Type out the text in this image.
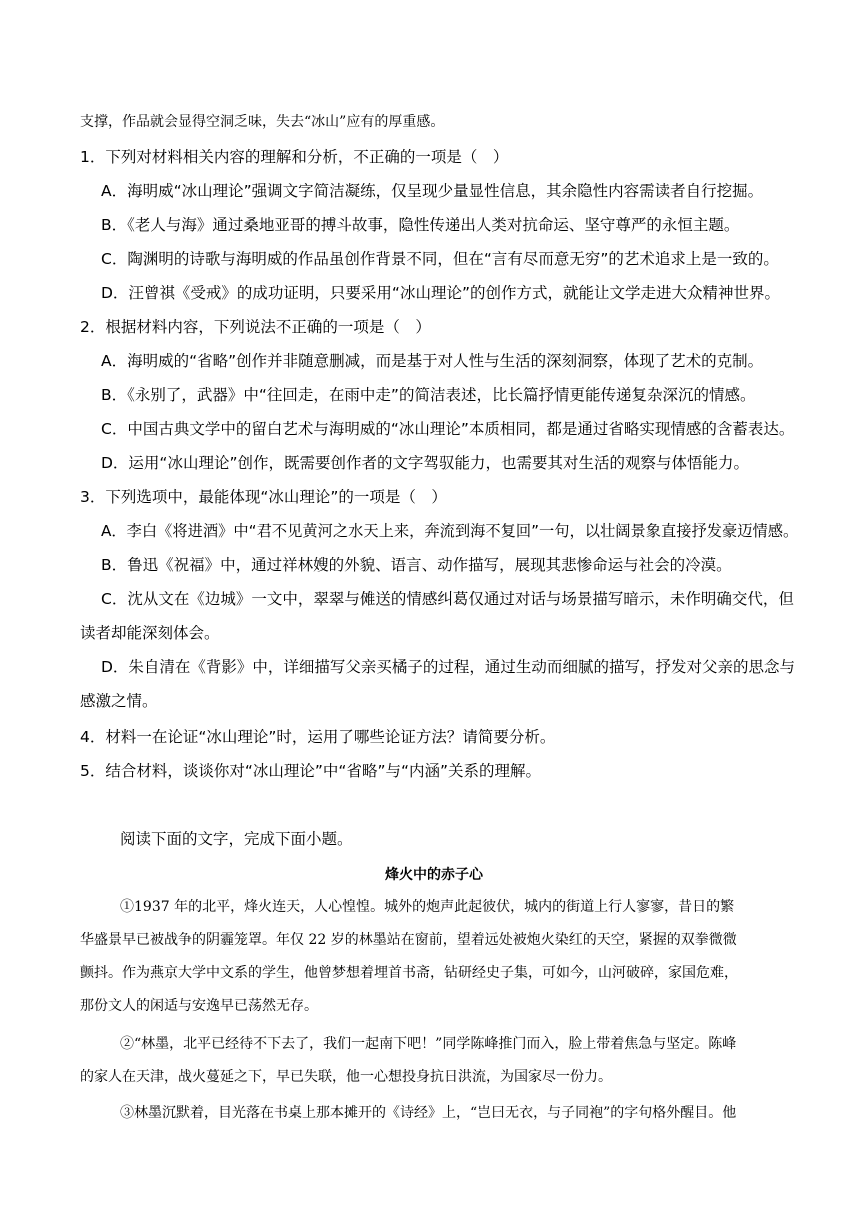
支撑，作品就会显得空洞乏味，失去“冰山”应有的厚重感。
1．下列对材料相关内容的理解和分析，不正确的一项是（　）
A．海明威“冰山理论”强调文字简洁凝练，仅呈现少量显性信息，其余隐性内容需读者自行挖掘。
B．《老人与海》通过桑地亚哥的搏斗故事，隐性传递出人类对抗命运、坚守尊严的永恒主题。
C．陶渊明的诗歌与海明威的作品虽创作背景不同，但在“言有尽而意无穷”的艺术追求上是一致的。
D．汪曾祺《受戒》的成功证明，只要采用“冰山理论”的创作方式，就能让文学走进大众精神世界。
2．根据材料内容，下列说法不正确的一项是（　）
A．海明威的“省略”创作并非随意删减，而是基于对人性与生活的深刻洞察，体现了艺术的克制。
B．《永别了，武器》中“往回走，在雨中走”的简洁表述，比长篇抒情更能传递复杂深沉的情感。
C．中国古典文学中的留白艺术与海明威的“冰山理论”本质相同，都是通过省略实现情感的含蓄表达。
D．运用“冰山理论”创作，既需要创作者的文字驾驭能力，也需要其对生活的观察与体悟能力。
3．下列选项中，最能体现“冰山理论”的一项是（　）
A．李白《将进酒》中“君不见黄河之水天上来，奔流到海不复回”一句，以壮阔景象直接抒发豪迈情感。
B．鲁迅《祝福》中，通过祥林嫂的外貌、语言、动作描写，展现其悲惨命运与社会的冷漠。
C．沈从文在《边城》一文中，翠翠与傩送的情感纠葛仅通过对话与场景描写暗示，未作明确交代，但
读者却能深刻体会。
D．朱自清在《背影》中，详细描写父亲买橘子的过程，通过生动而细腻的描写，抒发对父亲的思念与
感激之情。
4．材料一在论证“冰山理论”时，运用了哪些论证方法？请简要分析。
5．结合材料，谈谈你对“冰山理论”中“省略”与“内涵”关系的理解。
阅读下面的文字，完成下面小题。
烽火中的赤子心
①1937 年的北平，烽火连天，人心惶惶。城外的炮声此起彼伏，城内的街道上行人寥寥，昔日的繁
华盛景早已被战争的阴霾笼罩。年仅 22 岁的林墨站在窗前，望着远处被炮火染红的天空，紧握的双拳微微
颤抖。作为燕京大学中文系的学生，他曾梦想着埋首书斋，钻研经史子集，可如今，山河破碎，家国危难，
那份文人的闲适与安逸早已荡然无存。
②“林墨，北平已经待不下去了，我们一起南下吧！”同学陈峰推门而入，脸上带着焦急与坚定。陈峰
的家人在天津，战火蔓延之下，早已失联，他一心想投身抗日洪流，为国家尽一份力。
③林墨沉默着，目光落在书桌上那本摊开的《诗经》上，“岂曰无衣，与子同袍”的字句格外醒目。他
